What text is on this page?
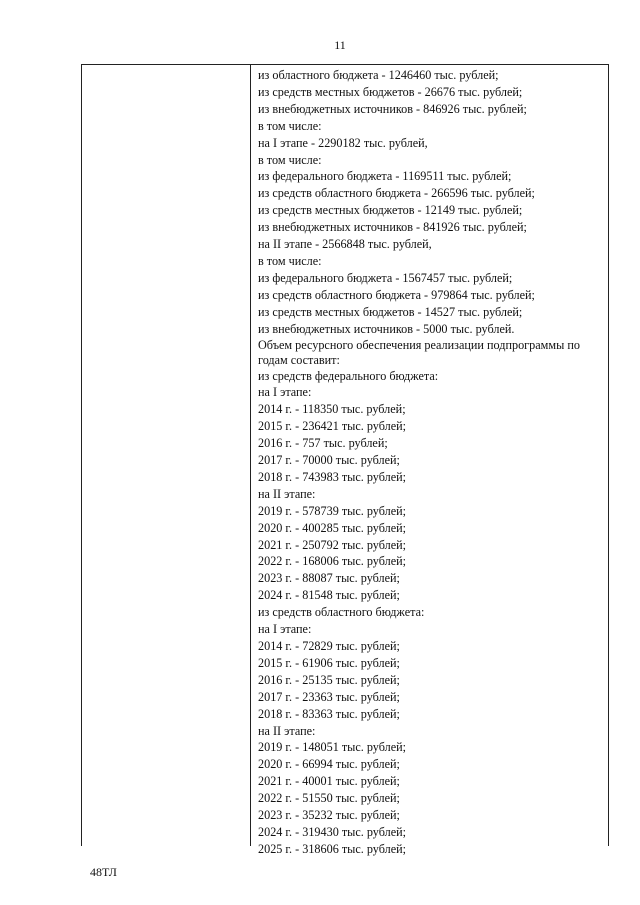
11
из областного бюджета - 1246460 тыс. рублей;
из средств местных бюджетов - 26676 тыс. рублей;
из внебюджетных источников - 846926 тыс. рублей;
в том числе:
на I этапе - 2290182 тыс. рублей,
в том числе:
из федерального бюджета - 1169511 тыс. рублей;
из средств областного бюджета - 266596 тыс. рублей;
из средств местных бюджетов - 12149 тыс. рублей;
из внебюджетных источников - 841926 тыс. рублей;
на II этапе - 2566848 тыс. рублей,
в том числе:
из федерального бюджета - 1567457 тыс. рублей;
из средств областного бюджета - 979864 тыс. рублей;
из средств местных бюджетов - 14527 тыс. рублей;
из внебюджетных источников - 5000 тыс. рублей.
Объем ресурсного обеспечения реализации подпрограммы по годам составит:
из средств федерального бюджета:
на I этапе:
2014 г. - 118350 тыс. рублей;
2015 г. - 236421 тыс. рублей;
2016 г. - 757 тыс. рублей;
2017 г. - 70000 тыс. рублей;
2018 г. - 743983 тыс. рублей;
на II этапе:
2019 г. - 578739 тыс. рублей;
2020 г. - 400285 тыс. рублей;
2021 г. - 250792 тыс. рублей;
2022 г. - 168006 тыс. рублей;
2023 г. - 88087 тыс. рублей;
2024 г. - 81548 тыс. рублей;
из средств областного бюджета:
на I этапе:
2014 г. - 72829 тыс. рублей;
2015 г. - 61906 тыс. рублей;
2016 г. - 25135 тыс. рублей;
2017 г. - 23363 тыс. рублей;
2018 г. - 83363 тыс. рублей;
на II этапе:
2019 г. - 148051 тыс. рублей;
2020 г. - 66994 тыс. рублей;
2021 г. - 40001 тыс. рублей;
2022 г. - 51550 тыс. рублей;
2023 г. - 35232 тыс. рублей;
2024 г. - 319430 тыс. рублей;
2025 г. - 318606 тыс. рублей;
48ТЛ
